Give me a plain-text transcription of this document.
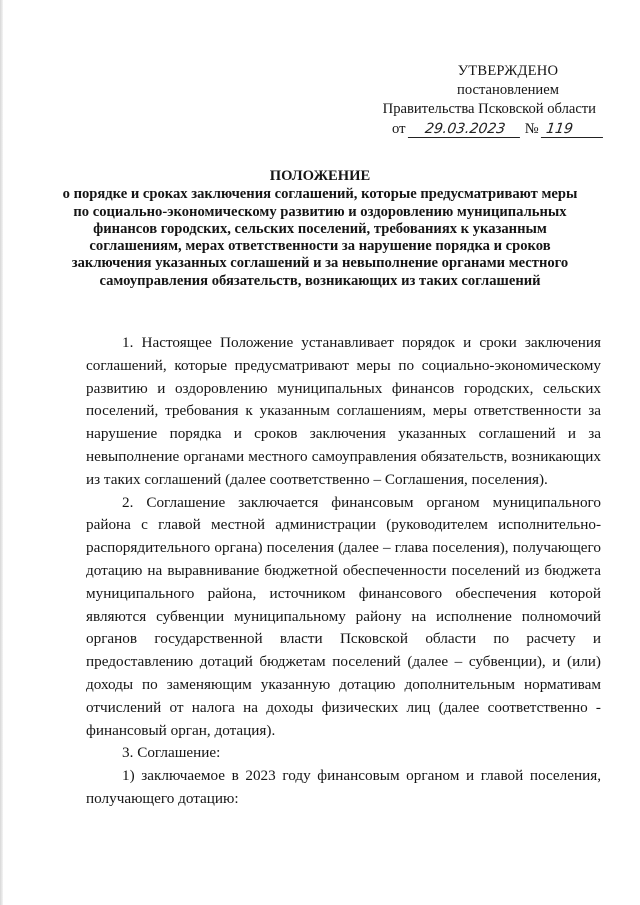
УТВЕРЖДЕНО
постановлением
Правительства Псковской области
от 29.03.2023 № 119
ПОЛОЖЕНИЕ
о порядке и сроках заключения соглашений, которые предусматривают меры по социально-экономическому развитию и оздоровлению муниципальных финансов городских, сельских поселений, требованиях к указанным соглашениям, мерах ответственности за нарушение порядка и сроков заключения указанных соглашений и за невыполнение органами местного самоуправления обязательств, возникающих из таких соглашений

1. Настоящее Положение устанавливает порядок и сроки заключения соглашений, которые предусматривают меры по социально-экономическому развитию и оздоровлению муниципальных финансов городских, сельских поселений, требования к указанным соглашениям, меры ответственности за нарушение порядка и сроков заключения указанных соглашений и за невыполнение органами местного самоуправления обязательств, возникающих из таких соглашений (далее соответственно – Соглашения, поселения).

2. Соглашение заключается финансовым органом муниципального района с главой местной администрации (руководителем исполнительно-распорядительного органа) поселения (далее – глава поселения), получающего дотацию на выравнивание бюджетной обеспеченности поселений из бюджета муниципального района, источником финансового обеспечения которой являются субвенции муниципальному району на исполнение полномочий органов государственной власти Псковской области по расчету и предоставлению дотаций бюджетам поселений (далее – субвенции), и (или) доходы по заменяющим указанную дотацию дополнительным нормативам отчислений от налога на доходы физических лиц (далее соответственно - финансовый орган, дотация).

3. Соглашение:

1) заключаемое в 2023 году финансовым органом и главой поселения, получающего дотацию:
